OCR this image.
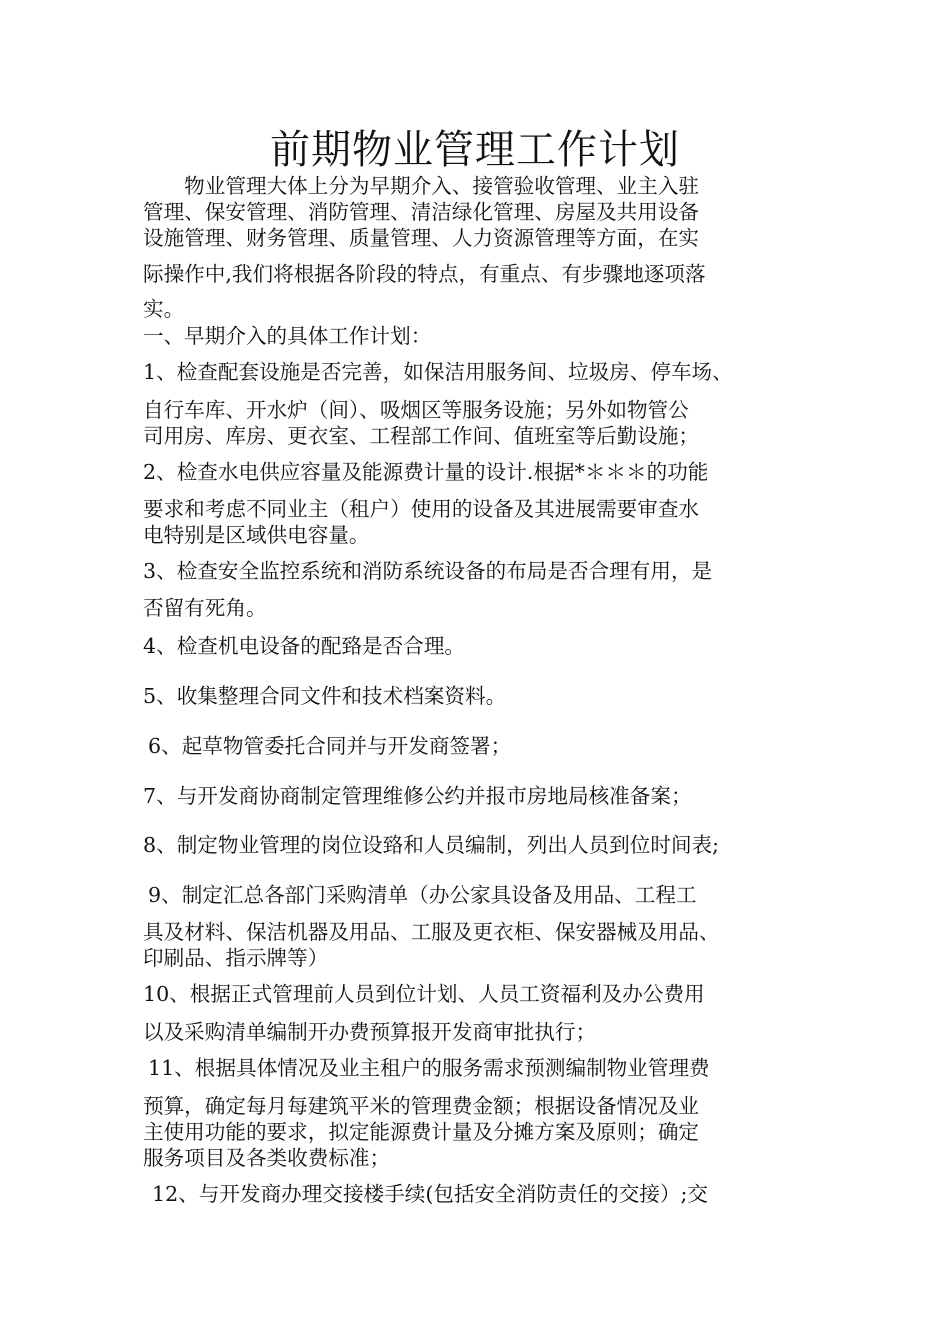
前期物业管理工作计划
　　物业管理大体上分为早期介入、接管验收管理、业主入驻
管理、保安管理、消防管理、清洁绿化管理、房屋及共用设备
设施管理、财务管理、质量管理、人力资源管理等方面，在实
际操作中,我们将根据各阶段的特点，有重点、有步骤地逐项落
实。
一、早期介入的具体工作计划：
1、检查配套设施是否完善，如保洁用服务间、垃圾房、停车场、
自行车库、开水炉（间）、吸烟区等服务设施；另外如物管公
司用房、库房、更衣室、工程部工作间、值班室等后勤设施；
2、检查水电供应容量及能源费计量的设计.根据*＊＊＊的功能
要求和考虑不同业主（租户）使用的设备及其进展需要审查水
电特别是区域供电容量。
3、检查安全监控系统和消防系统设备的布局是否合理有用，是
否留有死角。
4、检查机电设备的配臵是否合理。
5、收集整理合同文件和技术档案资料。
6、起草物管委托合同并与开发商签署；
7、与开发商协商制定管理维修公约并报市房地局核准备案；
8、制定物业管理的岗位设臵和人员编制，列出人员到位时间表;
9、制定汇总各部门采购清单（办公家具设备及用品、工程工
具及材料、保洁机器及用品、工服及更衣柜、保安器械及用品、
印刷品、指示牌等）
10、根据正式管理前人员到位计划、人员工资福利及办公费用
以及采购清单编制开办费预算报开发商审批执行；
11、根据具体情况及业主租户的服务需求预测编制物业管理费
预算，确定每月每建筑平米的管理费金额；根据设备情况及业
主使用功能的要求，拟定能源费计量及分摊方案及原则；确定
服务项目及各类收费标准；
12、与开发商办理交接楼手续(包括安全消防责任的交接）;交
